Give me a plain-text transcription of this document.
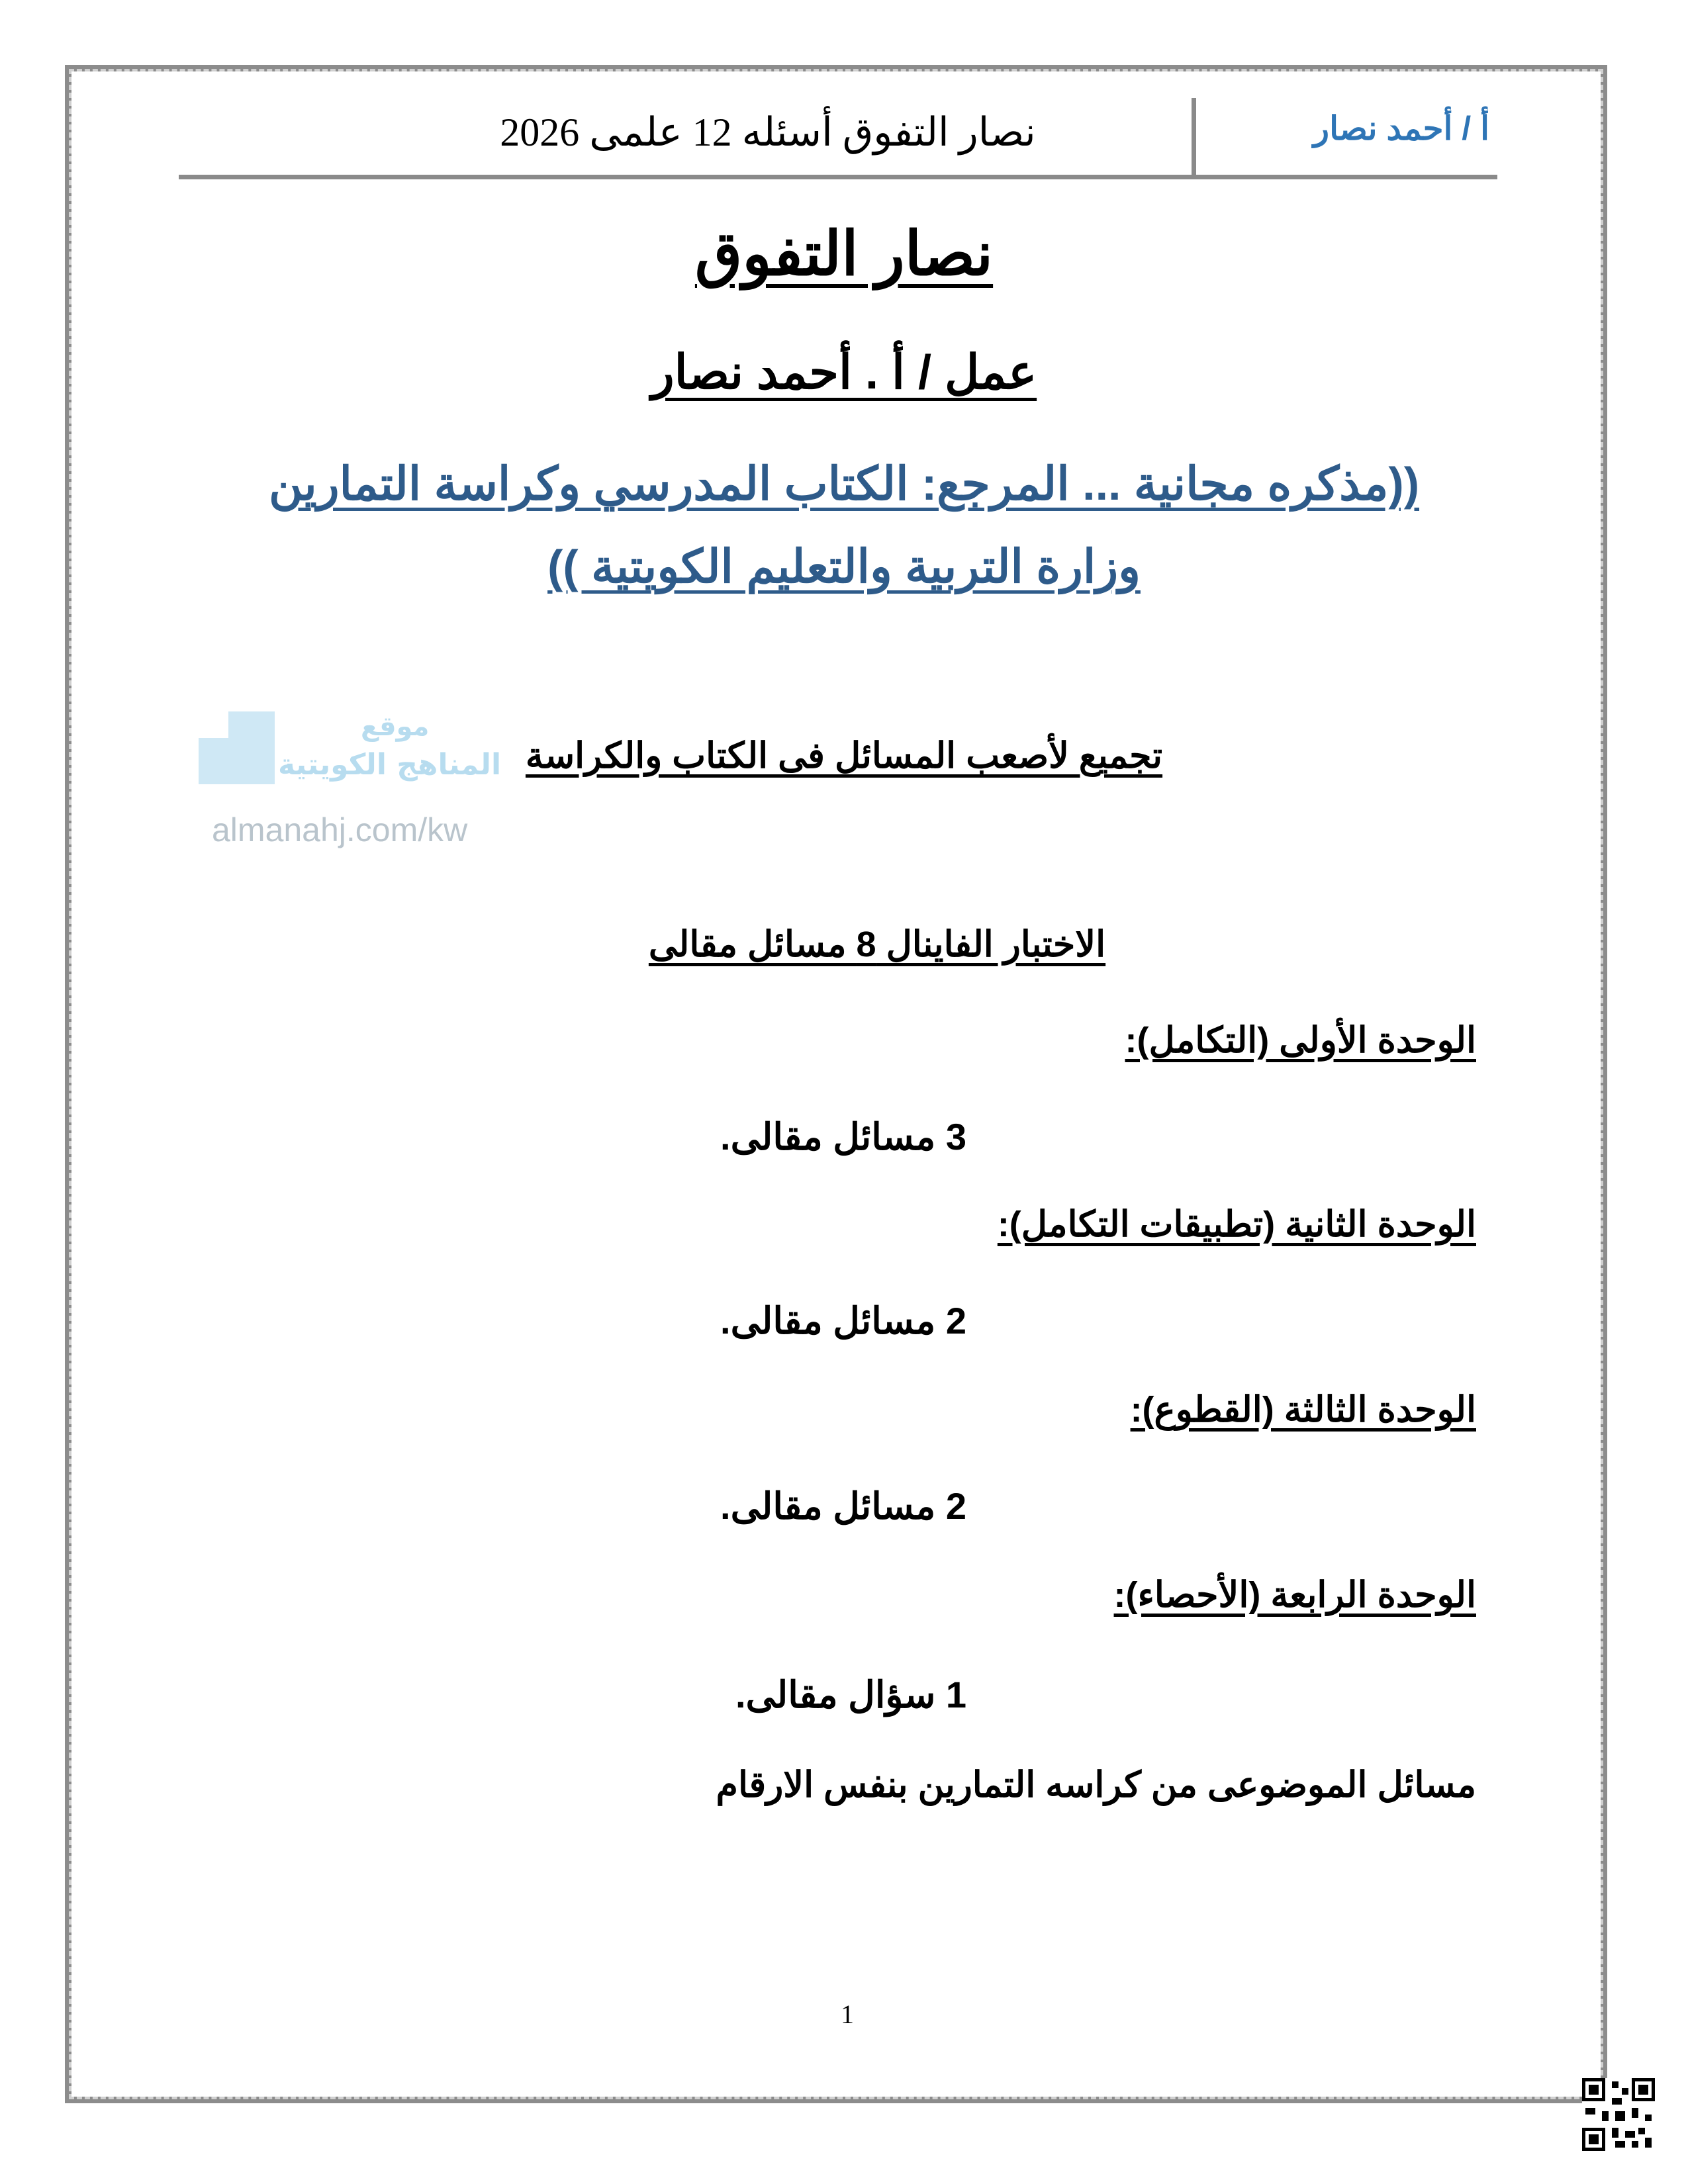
أ / أحمد نصار
نصار التفوق أسئله 12 علمى 2026
نصار التفوق
عمل / أ . أحمد نصار
((مذكره مجانية ... المرجع: الكتاب المدرسي وكراسة التمارين
وزارة التربية والتعليم الكويتية ))
موقع
المناهج الكويتية
almanahj.com/kw
تجميع لأصعب المسائل فى الكتاب والكراسة
الاختبار الفاينال 8 مسائل مقالى
الوحدة الأولى (التكامل):
3 مسائل مقالى.
الوحدة الثانية (تطبيقات التكامل):
2 مسائل مقالى.
الوحدة الثالثة (القطوع):
2 مسائل مقالى.
الوحدة الرابعة (الأحصاء):
1 سؤال مقالى.
مسائل الموضوعى من كراسه التمارين بنفس الارقام
1
